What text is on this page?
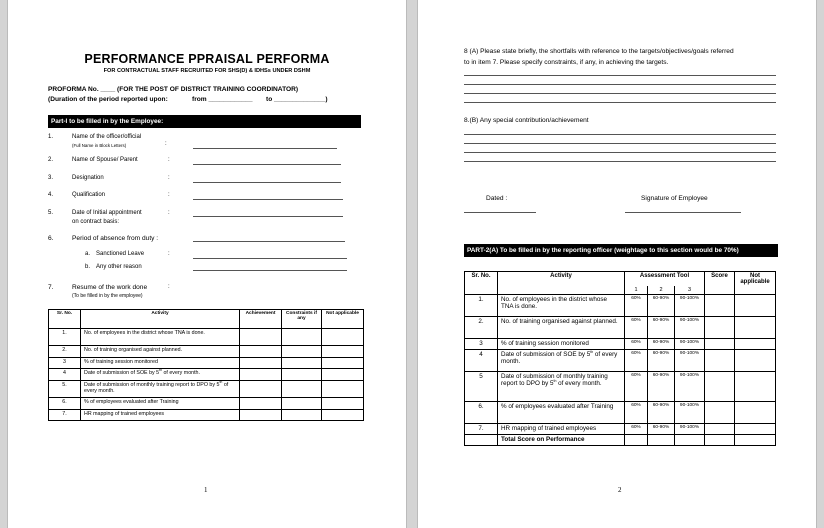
PERFORMANCE PPRAISAL PERFORMA
FOR CONTRACTUAL STAFF RECRUITED FOR SHS(D) & IDHSs UNDER DSHM
PROFORMA No. ____ (FOR THE POST OF DISTRICT TRAINING COORDINATOR)
(Duration of the period reported upon:	from ____________ to ______________)
Part-I to be filled in by the Employee:
1.	Name of the officer/official
(Full Name in Block Letters)	:
2.	Name of Spouse/ Parent	:
3.	Designation	:
4.	Qualification	:
5.	Date of Initial appointment
on contract basis:
:
6.	Period of absence from duty :
a. Sanctioned Leave	:
b. Any other reason
7.	Resume of the work done
(To be filled in by the employee)
:
Sr. No.	Activity	Achievement	Constraints if any	Not applicable
1.	No. of employees in the district whose TNA is done.			
2.	No. of training organised against planned.			
3	% of training session monitored			
4	Date of submission of SOE by 5th of every month.			
5.	Date of submission of monthly training report to DPO by 5th of every month.			
6.	% of employees evaluated after Training			
7.	HR mapping of trained employees			
1
8 (A) Please state briefly, the shortfalls with reference to the targets/objectives/goals referred
to in item 7. Please specify constraints, if any, in achieving the targets.
8.(B) Any special contribution/achievement
Dated :	Signature of Employee
PART-2(A) To be filled in by the reporting officer (weightage to this section would be 70%)
Sr. No.	Activity	Assessment Tool			Score	Not applicable
		1	2	3		
1.	No. of employees in the district whose TNA is done.	60%	60-90%	90-100%		
2.	No. of training organised against planned.	60%	60-90%	90-100%		
3	% of training session monitored	60%	60-90%	90-100%		
4	Date of submission of SOE by 5th of every month.	60%	60-90%	90-100%		
5	Date of submission of monthly training report to DPO by 5th of every month.	60%	60-90%	90-100%		
6.	% of employees evaluated after Training	60%	60-90%	90-100%		
7.	HR mapping of trained employees	60%	60-90%	90-100%		
	Total Score on Performance					
2
